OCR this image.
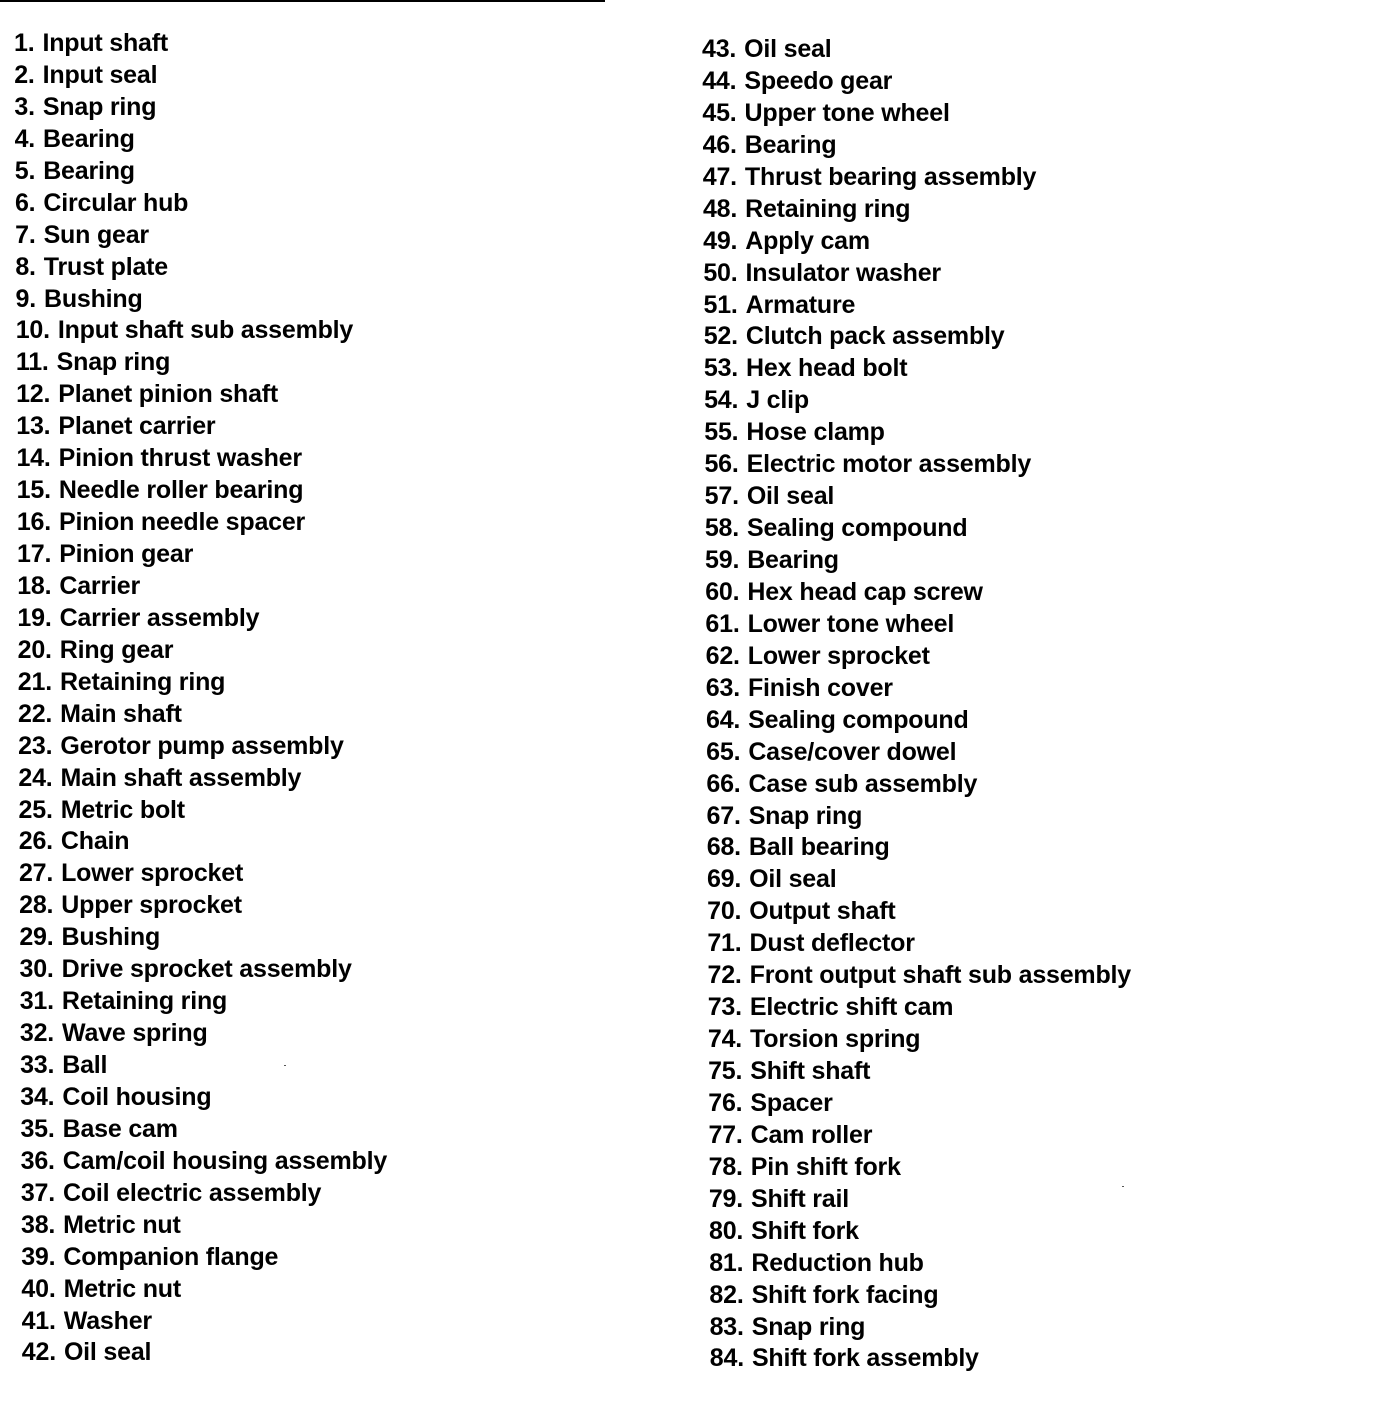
1. Input shaft
2. Input seal
3. Snap ring
4. Bearing
5. Bearing
6. Circular hub
7. Sun gear
8. Trust plate
9. Bushing
10. Input shaft sub assembly
11. Snap ring
12. Planet pinion shaft
13. Planet carrier
14. Pinion thrust washer
15. Needle roller bearing
16. Pinion needle spacer
17. Pinion gear
18. Carrier
19. Carrier assembly
20. Ring gear
21. Retaining ring
22. Main shaft
23. Gerotor pump assembly
24. Main shaft assembly
25. Metric bolt
26. Chain
27. Lower sprocket
28. Upper sprocket
29. Bushing
30. Drive sprocket assembly
31. Retaining ring
32. Wave spring
33. Ball
34. Coil housing
35. Base cam
36. Cam/coil housing assembly
37. Coil electric assembly
38. Metric nut
39. Companion flange
40. Metric nut
41. Washer
42. Oil seal
43. Oil seal
44. Speedo gear
45. Upper tone wheel
46. Bearing
47. Thrust bearing assembly
48. Retaining ring
49. Apply cam
50. Insulator washer
51. Armature
52. Clutch pack assembly
53. Hex head bolt
54. J clip
55. Hose clamp
56. Electric motor assembly
57. Oil seal
58. Sealing compound
59. Bearing
60. Hex head cap screw
61. Lower tone wheel
62. Lower sprocket
63. Finish cover
64. Sealing compound
65. Case/cover dowel
66. Case sub assembly
67. Snap ring
68. Ball bearing
69. Oil seal
70. Output shaft
71. Dust deflector
72. Front output shaft sub assembly
73. Electric shift cam
74. Torsion spring
75. Shift shaft
76. Spacer
77. Cam roller
78. Pin shift fork
79. Shift rail
80. Shift fork
81. Reduction hub
82. Shift fork facing
83. Snap ring
84. Shift fork assembly
